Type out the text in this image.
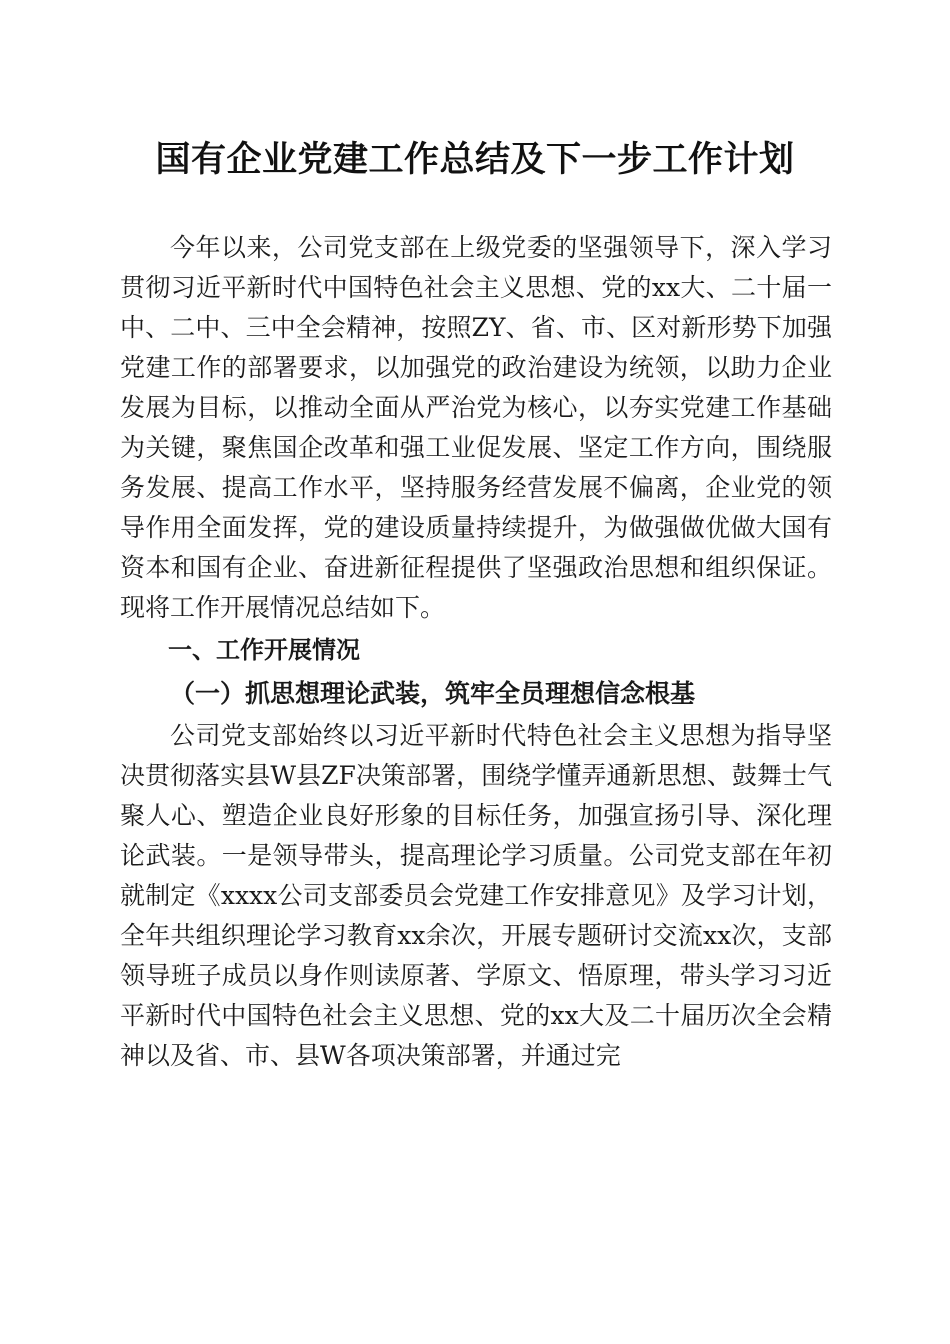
国有企业党建工作总结及下一步工作计划

今年以来，公司党支部在上级党委的坚强领导下，深入学习贯彻习近平新时代中国特色社会主义思想、党的xx大、二十届一中、二中、三中全会精神，按照ZY、省、市、区对新形势下加强党建工作的部署要求，以加强党的政治建设为统领，以助力企业发展为目标，以推动全面从严治党为核心，以夯实党建工作基础为关键，聚焦国企改革和强工业促发展、坚定工作方向，围绕服务发展、提高工作水平，坚持服务经营发展不偏离，企业党的领导作用全面发挥，党的建设质量持续提升，为做强做优做大国有资本和国有企业、奋进新征程提供了坚强政治思想和组织保证。现将工作开展情况总结如下。

一、工作开展情况

（一）抓思想理论武装，筑牢全员理想信念根基

公司党支部始终以习近平新时代特色社会主义思想为指导坚决贯彻落实县W县ZF决策部署，围绕学懂弄通新思想、鼓舞士气聚人心、塑造企业良好形象的目标任务，加强宣扬引导、深化理论武装。一是领导带头，提高理论学习质量。公司党支部在年初就制定《xxxx公司支部委员会党建工作安排意见》及学习计划，全年共组织理论学习教育xx余次，开展专题研讨交流xx次，支部领导班子成员以身作则读原著、学原文、悟原理，带头学习习近平新时代中国特色社会主义思想、党的xx大及二十届历次全会精神以及省、市、县W各项决策部署，并通过完
